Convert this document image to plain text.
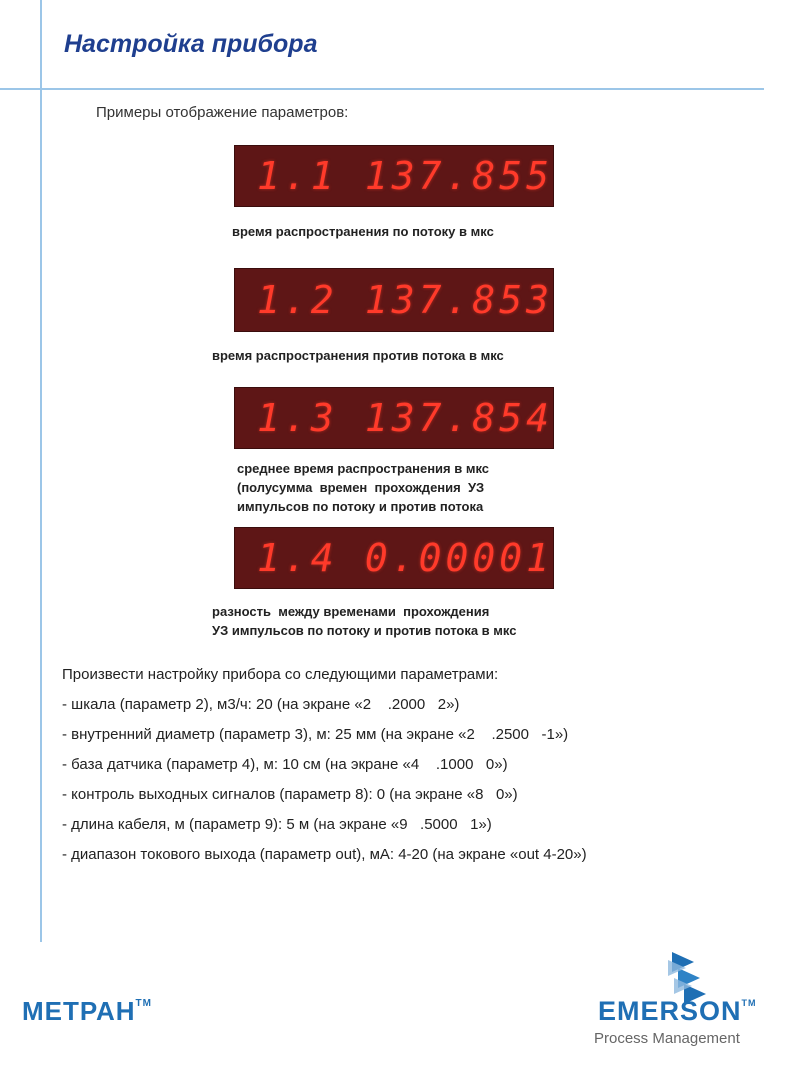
Настройка прибора
Примеры отображение параметров:
1.1 137.855
время распространения по потоку в мкс
1.2 137.853
время распространения против потока в мкс
1.3 137.854
среднее время распространения в мкс
(полусумма  времен  прохождения  УЗ
импульсов по потоку и против потока
1.4 0.00001
разность  между временами  прохождения
УЗ импульсов по потоку и против потока в мкс
Произвести настройку прибора со следующими параметрами:
- шкала (параметр 2), м3/ч: 20 (на экране «2    .2000   2»)
- внутренний диаметр (параметр 3), м: 25 мм (на экране «2    .2500   -1»)
- база датчика (параметр 4), м: 10 см (на экране «4    .1000   0»)
- контроль выходных сигналов (параметр 8): 0 (на экране «8   0»)
- длина кабеля, м (параметр 9): 5 м (на экране «9   .5000   1»)
- диапазон токового выхода (параметр out), мА: 4-20 (на экране «out 4-20»)
МЕТРАН™	EMERSON™
Process Management
